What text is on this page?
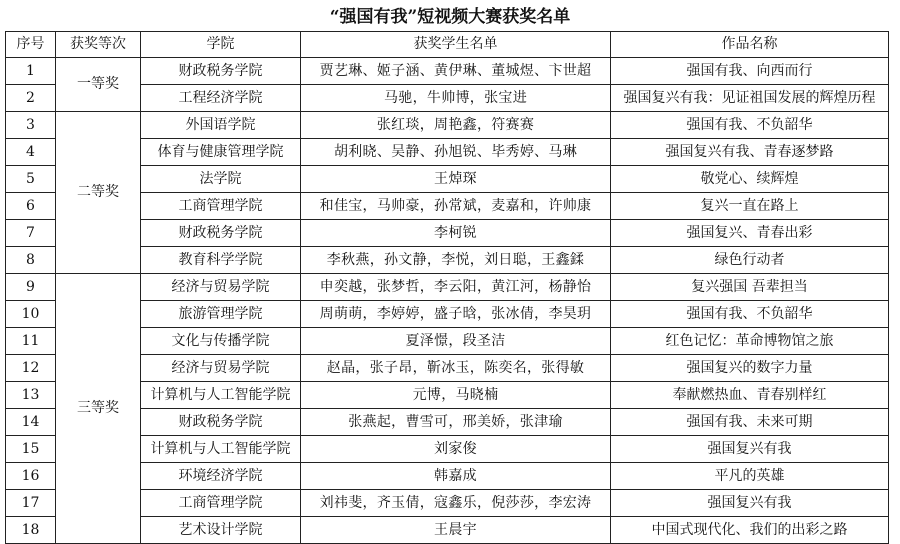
“强国有我”短视频大赛获奖名单
序号	获奖等次	学院	获奖学生名单	作品名称
1	一等奖	财政税务学院	贾艺琳、姬子涵、黄伊琳、董城煜、卞世超	强国有我、向西而行
2		工程经济学院	马驰，牛帅博，张宝进	强国复兴有我：见证祖国发展的辉煌历程
3	二等奖	外国语学院	张红琰，周艳鑫，符赛赛	强国有我、不负韶华
4		体育与健康管理学院	胡利晓、吴静、孙旭锐、毕秀婷、马琳	强国复兴有我、青春逐梦路
5		法学院	王焯琛	敬党心、续辉煌
6		工商管理学院	和佳宝，马帅豪，孙常斌，麦嘉和，许帅康	复兴一直在路上
7		财政税务学院	李柯锐	强国复兴、青春出彩
8		教育科学学院	李秋燕，孙文静，李悦，刘日聪，王鑫鍒	绿色行动者
9	三等奖	经济与贸易学院	申奕越，张梦哲，李云阳，黄江河，杨静怡	复兴强国 吾辈担当
10		旅游管理学院	周萌萌，李婷婷，盛子晗，张冰倩，李昊玥	强国有我、不负韶华
11		文化与传播学院	夏泽憬，段圣洁	红色记忆：革命博物馆之旅
12		经济与贸易学院	赵晶，张子昂，靳冰玉，陈奕名，张得敏	强国复兴的数字力量
13		计算机与人工智能学院	元博，马晓楠	奉献燃热血、青春别样红
14		财政税务学院	张燕起，曹雪可，邢美娇，张津瑜	强国有我、未来可期
15		计算机与人工智能学院	刘家俊	强国复兴有我
16		环境经济学院	韩嘉成	平凡的英雄
17		工商管理学院	刘祎斐，齐玉倩，寇鑫乐，倪莎莎，李宏涛	强国复兴有我
18		艺术设计学院	王晨宇	中国式现代化、我们的出彩之路
